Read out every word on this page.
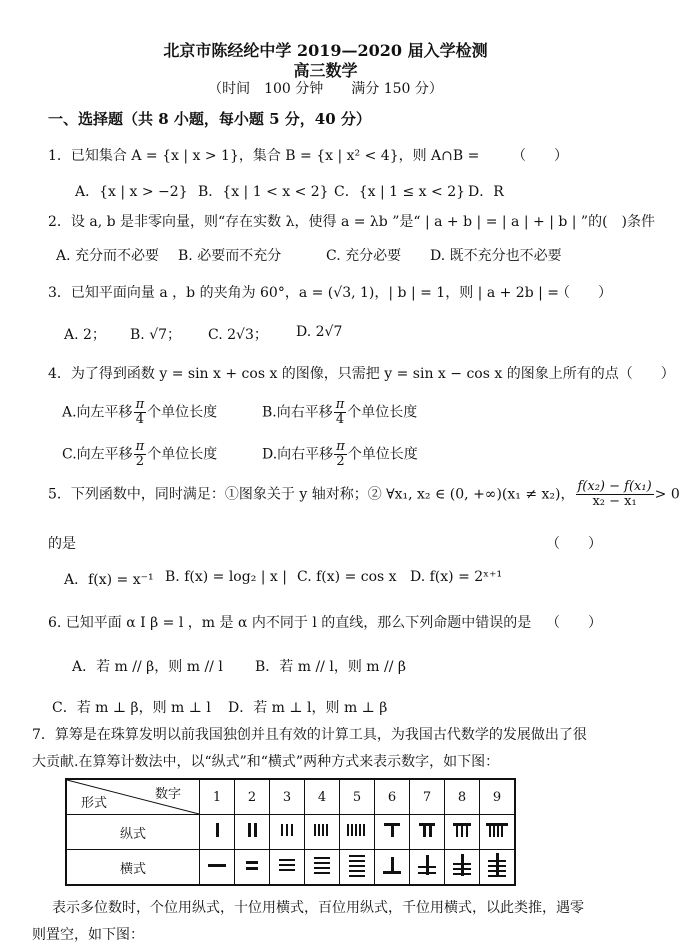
北京市陈经纶中学 2019—2020 届入学检测
高三数学
（时间　100 分钟　　满分 150 分）
一、选择题（共 8 小题，每小题 5 分，40 分）
1．已知集合 A = {x | x > 1}，集合 B = {x | x² < 4}，则 A∩B = （　　）
A．{x | x > −2} B．{x | 1 < x < 2} C．{x | 1 ≤ x < 2} D．R
2．设 a, b 是非零向量，则“存在实数 λ，使得 a = λb ”是“ | a + b | = | a | + | b | ”的(　)条件
A. 充分而不必要 B. 必要而不充分	C. 充分必要 D. 既不充分也不必要
3．已知平面向量 a ，b 的夹角为 60°，a = (√3, 1)，| b | = 1，则 | a + 2b | =
（　　）
A. 2； B. √7； C. 2√3； D. 2√7
4．为了得到函数 y = sin x + cos x 的图像，只需把 y = sin x − cos x 的图象上所有的点（　　）
A.向左平移 $\frac{\pi}{4}$ 个单位长度	B.向右平移 $\frac{\pi}{4}$ 个单位长度
C.向左平移 $\frac{\pi}{2}$ 个单位长度	D.向右平移 $\frac{\pi}{2}$ 个单位长度
5．下列函数中，同时满足：①图象关于 y 轴对称；② ∀x₁, x₂ ∈ (0, +∞)(x₁ ≠ x₂)， $\frac{\text{f(x₂) − f(x₁)}}{\text{x₂ − x₁}} > 0$
的是	（　　）
A．f(x) = x⁻¹ B. f(x) = log₂ | x | C. f(x) = cos x D. f(x) = 2ˣ⁺¹
6. 已知平面 α I β = l ，m 是 α 内不同于 l 的直线，那么下列命题中错误的是 （　　）
A．若 m // β，则 m // l B．若 m // l，则 m // β
C．若 m ⊥ β，则 m ⊥ l D．若 m ⊥ l，则 m ⊥ β
7．算筹是在珠算发明以前我国独创并且有效的计算工具，为我国古代数学的发展做出了很
大贡献.在算筹计数法中，以“纵式”和“横式”两种方式来表示数字，如下图：
数字
形式	1	2	3	4	5	6	7	8	9
纵式									
横式									
表示多位数时，个位用纵式，十位用横式，百位用纵式，千位用横式，以此类推，遇零
则置空，如下图：
